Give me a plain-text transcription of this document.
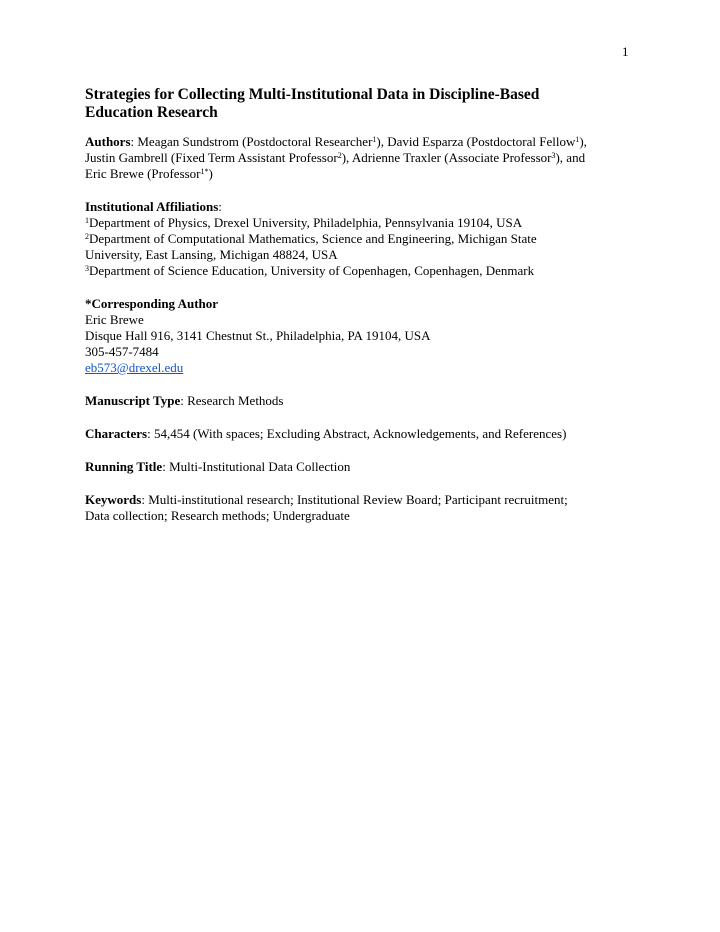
1
Strategies for Collecting Multi-Institutional Data in Discipline-Based
Education Research
Authors: Meagan Sundstrom (Postdoctoral Researcher$^1$), David Esparza (Postdoctoral Fellow$^1$),
Justin Gambrell (Fixed Term Assistant Professor$^2$), Adrienne Traxler (Associate Professor$^3$), and
Eric Brewe (Professor$^{1*}$)
Institutional Affiliations:
$^1$Department of Physics, Drexel University, Philadelphia, Pennsylvania 19104, USA
$^2$Department of Computational Mathematics, Science and Engineering, Michigan State
University, East Lansing, Michigan 48824, USA
$^3$Department of Science Education, University of Copenhagen, Copenhagen, Denmark
*Corresponding Author
Eric Brewe
Disque Hall 916, 3141 Chestnut St., Philadelphia, PA 19104, USA
305-457-7484
eb573@drexel.edu
Manuscript Type: Research Methods
Characters: 54,454 (With spaces; Excluding Abstract, Acknowledgements, and References)
Running Title: Multi-Institutional Data Collection
Keywords: Multi-institutional research; Institutional Review Board; Participant recruitment;
Data collection; Research methods; Undergraduate
